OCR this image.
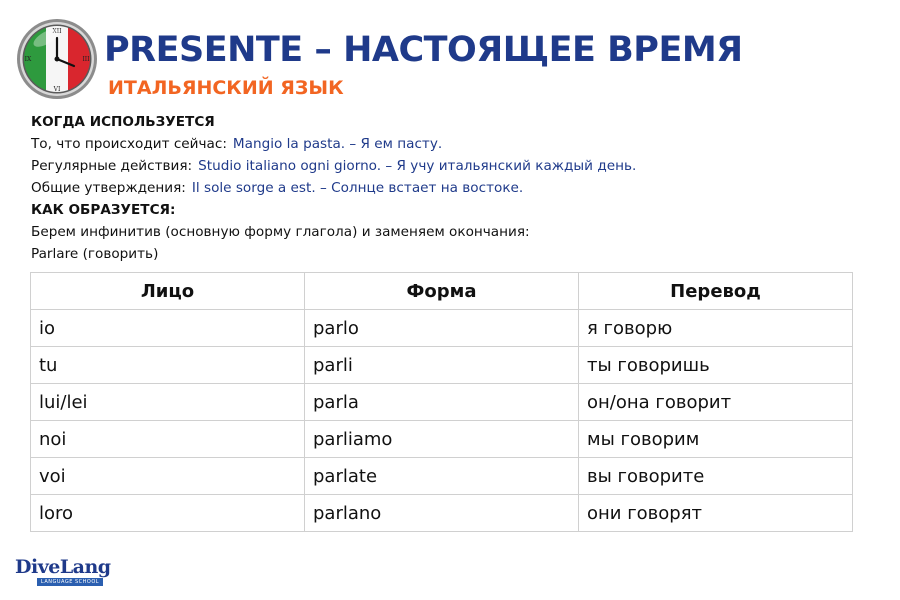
XII
VI
IX	III PRESENTE – НАСТОЯЩЕЕ ВРЕМЯ
ИТАЛЬЯНСКИЙ ЯЗЫК
КОГДА ИСПОЛЬЗУЕТСЯ
То, что происходит сейчас: Mangio la pasta. – Я ем пасту.
Регулярные действия: Studio italiano ogni giorno. – Я учу итальянский каждый день.
Общие утверждения: Il sole sorge a est. – Солнце встает на востоке.
КАК ОБРАЗУЕТСЯ:
Берем инфинитив (основную форму глагола) и заменяем окончания:
Parlare (говорить)
Лицо	Форма	Перевод
io	parlo	я говорю
tu	parli	ты говоришь
lui/lei	parla	он/она говорит
noi	parliamo	мы говорим
voi	parlate	вы говорите
loro	parlano	они говорят
DiveLang
LANGUAGE SCHOOL
